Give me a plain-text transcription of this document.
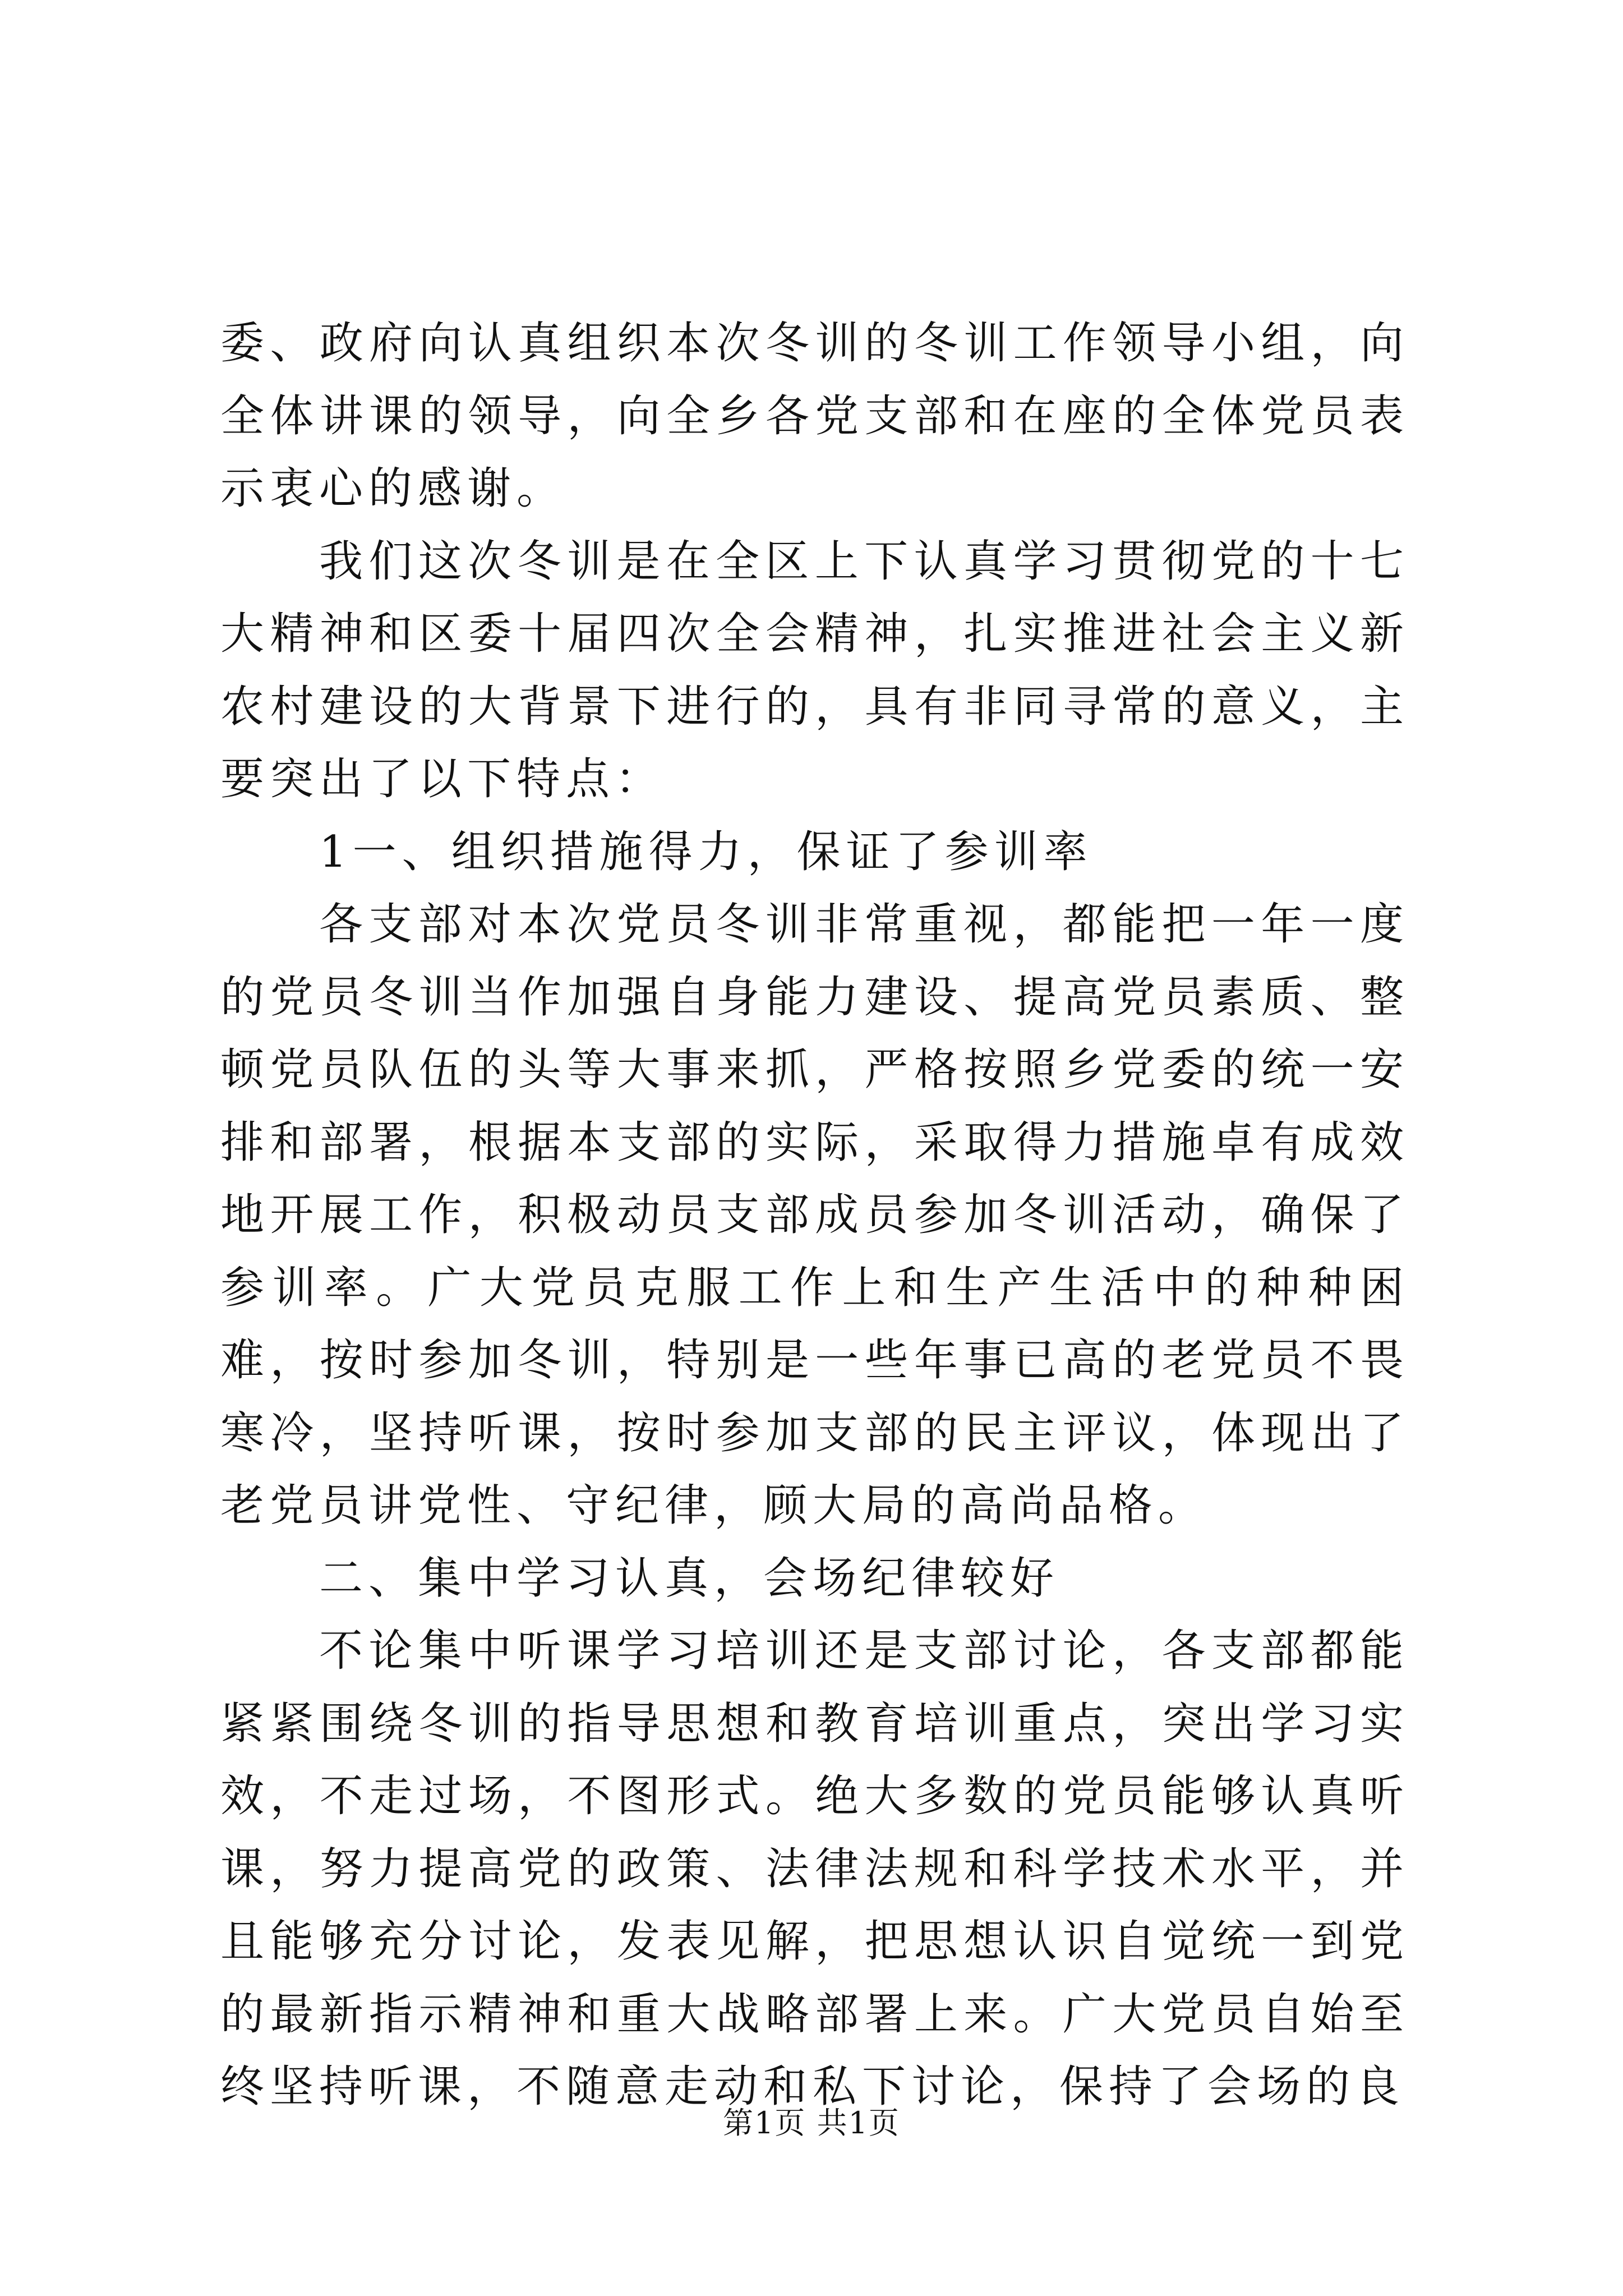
委、政府向认真组织本次冬训的冬训工作领导小组，向全体讲课的领导，向全乡各党支部和在座的全体党员表示衷心的感谢。

我们这次冬训是在全区上下认真学习贯彻党的十七大精神和区委十届四次全会精神，扎实推进社会主义新农村建设的大背景下进行的，具有非同寻常的意义，主要突出了以下特点：

1一、组织措施得力，保证了参训率

各支部对本次党员冬训非常重视，都能把一年一度的党员冬训当作加强自身能力建设、提高党员素质、整顿党员队伍的头等大事来抓，严格按照乡党委的统一安排和部署，根据本支部的实际，采取得力措施卓有成效地开展工作，积极动员支部成员参加冬训活动，确保了参训率。广大党员克服工作上和生产生活中的种种困难，按时参加冬训，特别是一些年事已高的老党员不畏寒冷，坚持听课，按时参加支部的民主评议，体现出了老党员讲党性、守纪律，顾大局的高尚品格。

二、集中学习认真，会场纪律较好

不论集中听课学习培训还是支部讨论，各支部都能紧紧围绕冬训的指导思想和教育培训重点，突出学习实效，不走过场，不图形式。绝大多数的党员能够认真听课，努力提高党的政策、法律法规和科学技术水平，并且能够充分讨论，发表见解，把思想认识自觉统一到党的最新指示精神和重大战略部署上来。广大党员自始至终坚持听课，不随意走动和私下讨论，保持了会场的良

第1页 共1页
